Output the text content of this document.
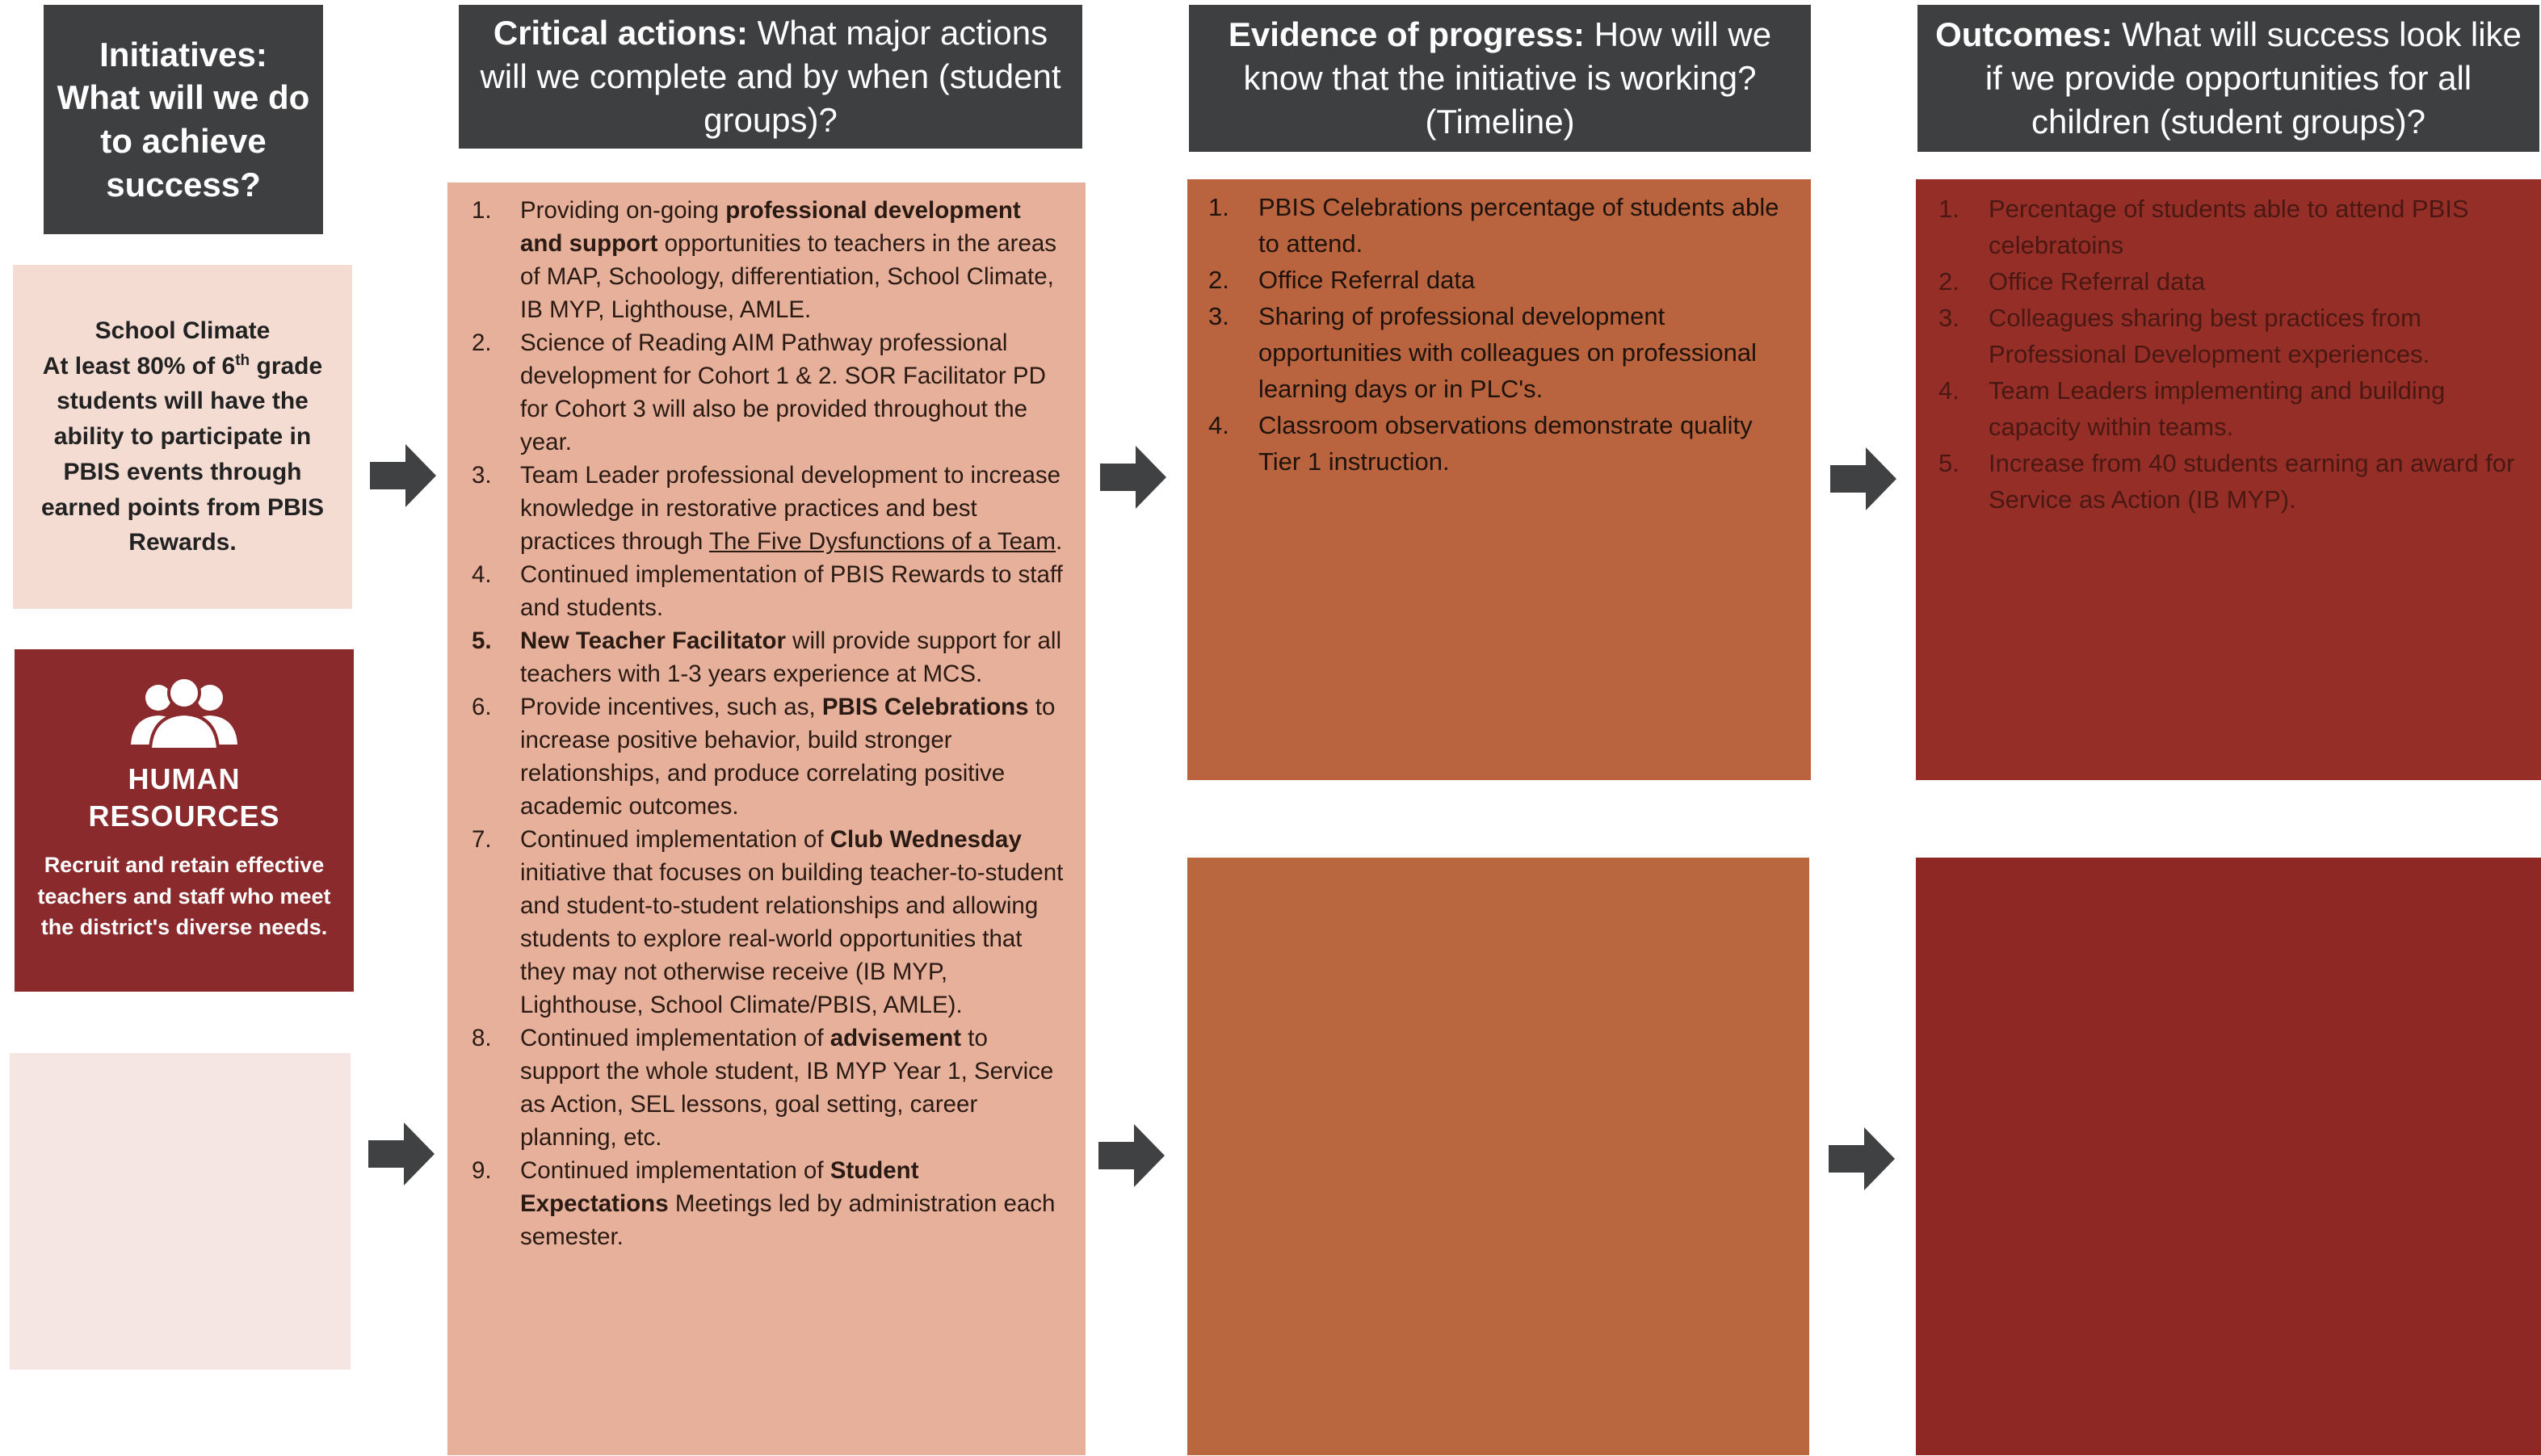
Initiatives: What will we do to achieve success?
Critical actions: What major actions will we complete and by when (student groups)?
Evidence of progress: How will we know that the initiative is working? (Timeline)
Outcomes: What will success look like if we provide opportunities for all children (student groups)?
School Climate
At least 80% of 6th grade students will have the ability to participate in PBIS events through earned points from PBIS Rewards.
HUMAN
RESOURCES
Recruit and retain effective teachers and staff who meet the district's diverse needs.
1.	Providing on-going professional development and support opportunities to teachers in the areas of MAP, Schoology, differentiation, School Climate, IB MYP, Lighthouse, AMLE.
2.	Science of Reading AIM Pathway professional development for Cohort 1 & 2. SOR Facilitator PD for Cohort 3 will also be provided throughout the year.
3.	Team Leader professional development to increase knowledge in restorative practices and best practices through The Five Dysfunctions of a Team.
4.	Continued implementation of PBIS Rewards to staff and students.
5.	New Teacher Facilitator will provide support for all teachers with 1-3 years experience at MCS.
6.	Provide incentives, such as, PBIS Celebrations to increase positive behavior, build stronger relationships, and produce correlating positive academic outcomes.
7.	Continued implementation of Club Wednesday initiative that focuses on building teacher-to-student and student-to-student relationships and allowing students to explore real-world opportunities that they may not otherwise receive (IB MYP, Lighthouse, School Climate/PBIS, AMLE).
8.	Continued implementation of advisement to support the whole student, IB MYP Year 1, Service as Action, SEL lessons, goal setting, career planning, etc.
9.	Continued implementation of Student Expectations Meetings led by administration each semester.
1.	PBIS Celebrations percentage of students able to attend.
2.	Office Referral data
3.	Sharing of professional development opportunities with colleagues on professional learning days or in PLC's.
4.	Classroom observations demonstrate quality Tier 1 instruction.
1.	Percentage of students able to attend PBIS celebratoins
2.	Office Referral data
3.	Colleagues sharing best practices from Professional Development experiences.
4.	Team Leaders implementing and building capacity within teams.
5.	Increase from 40 students earning an award for Service as Action (IB MYP).
